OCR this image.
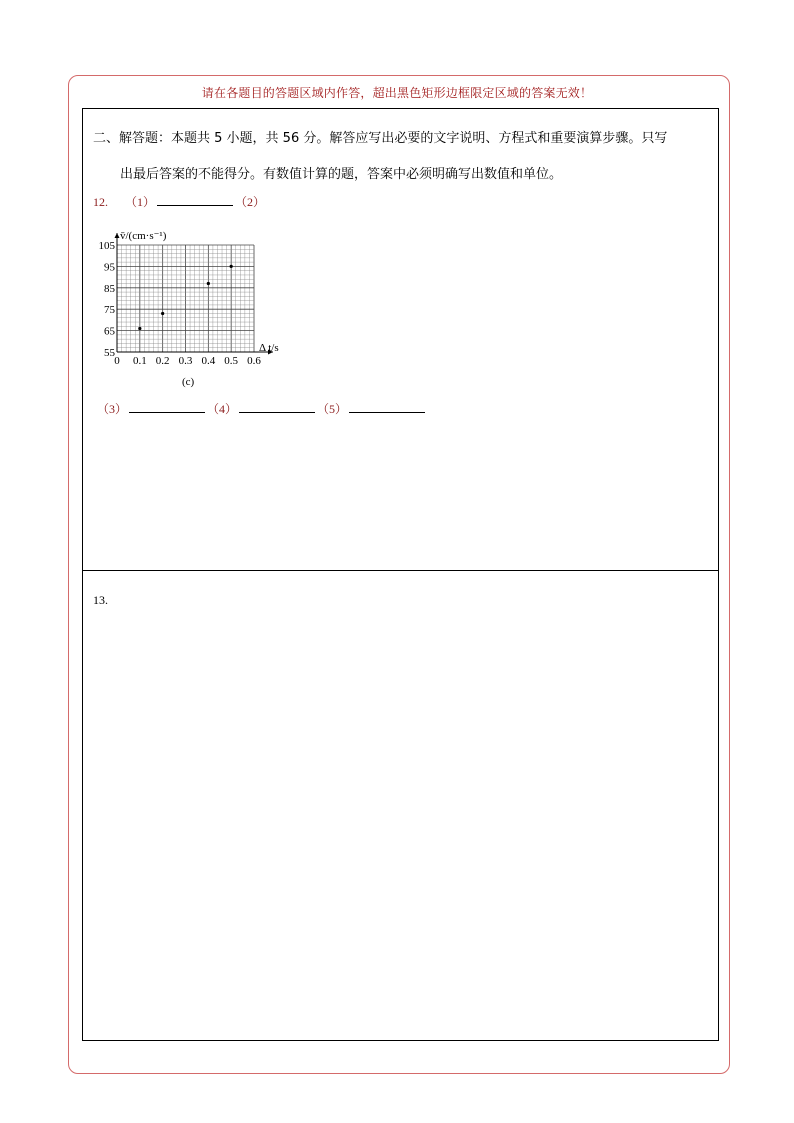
请在各题目的答题区域内作答，超出黑色矩形边框限定区域的答案无效！
二、解答题：本题共 5 小题，共 56 分。解答应写出必要的文字说明、方程式和重要演算步骤。只写
出最后答案的不能得分。有数值计算的题，答案中必须明确写出数值和单位。
12. （1）	（2）
0 0.1 0.2 0.3 0.4 0.5 0.6
55
65
75
85
95
105
v̄/(cm·s⁻¹)
Δ t/s
(c)
（3）	（4）	（5）
13.
